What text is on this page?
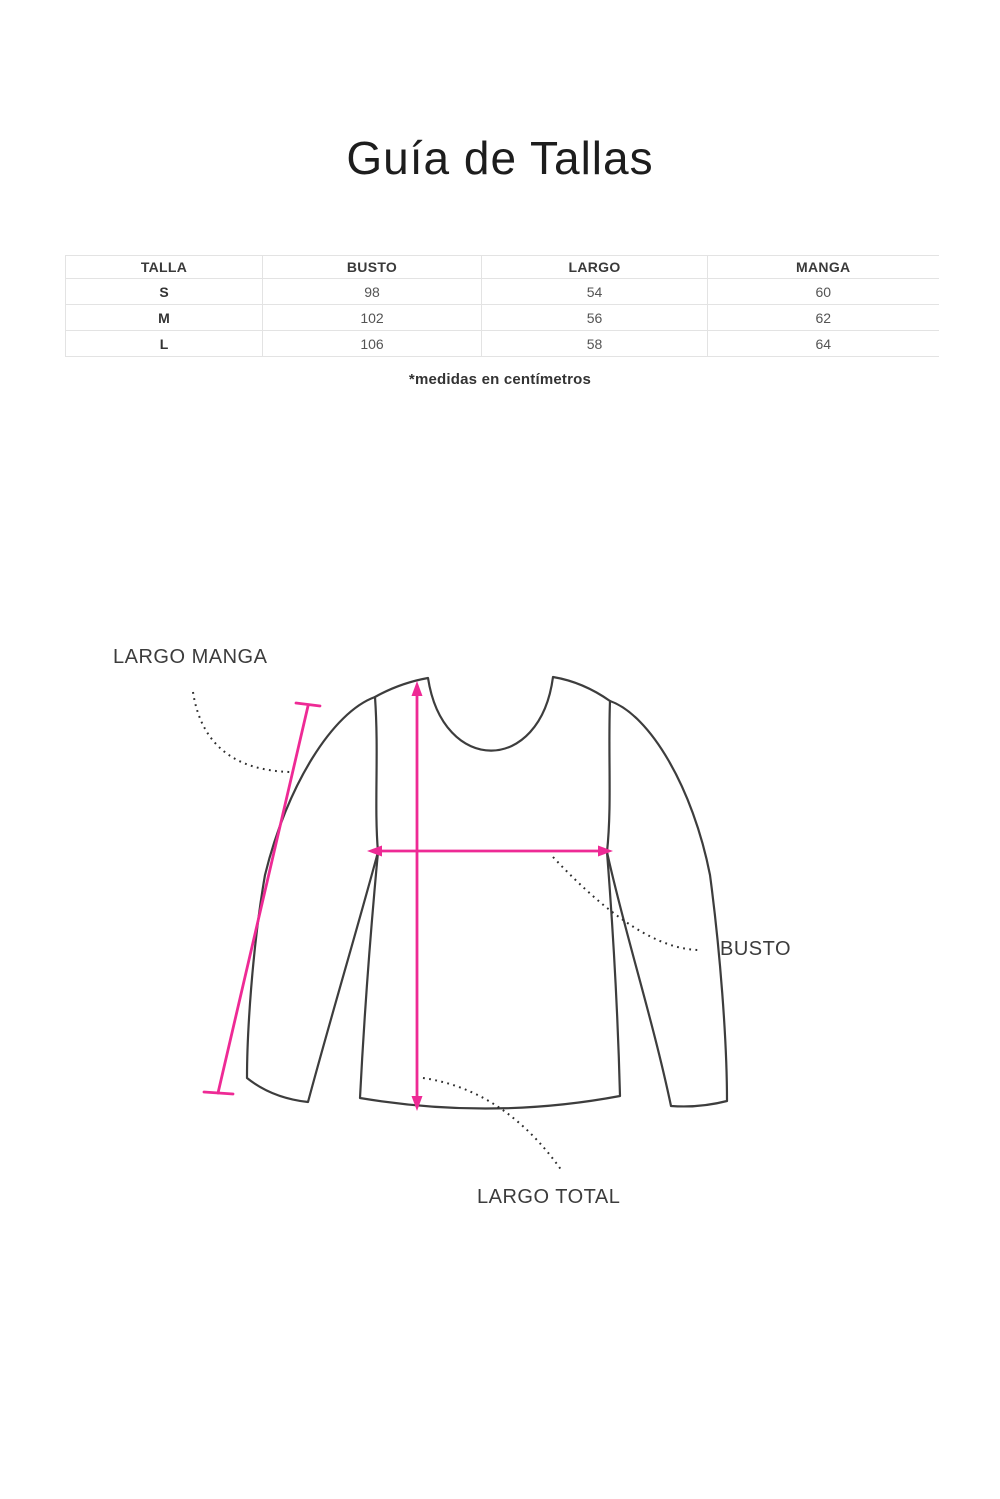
Guía de Tallas
TALLA	BUSTO	LARGO	MANGA
S	98	54	60
M	102	56	62
L	106	58	64
*medidas en centímetros
LARGO MANGA
BUSTO
LARGO TOTAL
